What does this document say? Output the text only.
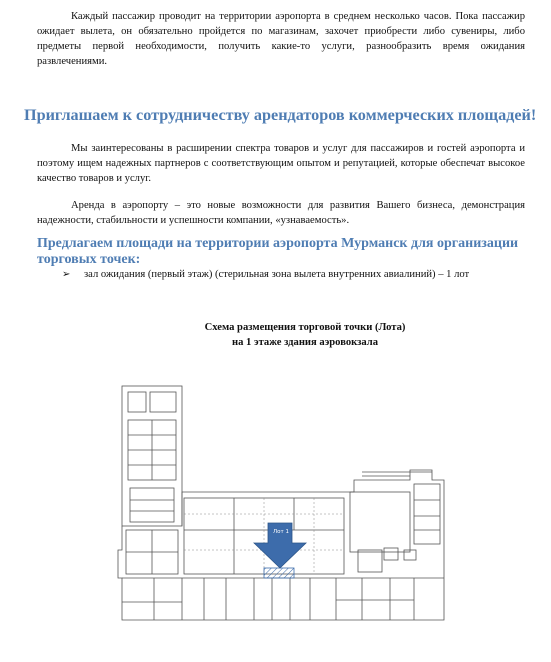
Каждый пассажир проводит на территории аэропорта в среднем несколько часов. Пока пассажир ожидает вылета, он обязательно пройдется по магазинам, захочет приобрести либо сувениры, либо предметы первой необходимости, получить какие-то услуги, разнообразить время ожидания развлечениями.
Приглашаем к сотрудничеству арендаторов коммерческих площадей!
Мы заинтересованы в расширении спектра товаров и услуг для пассажиров и гостей аэропорта и поэтому ищем надежных партнеров с соответствующим опытом и репутацией, которые обеспечат высокое качество товаров и услуг.
Аренда в аэропорту – это новые возможности для развития Вашего бизнеса, демонстрация надежности, стабильности и успешности компании, «узнаваемость».
Предлагаем площади на территории аэропорта Мурманск для организации торговых точек:
➢ зал ожидания (первый этаж) (стерильная зона вылета внутренних авиалиний) – 1 лот
Схема размещения торговой точки (Лота)
на 1 этаже здания аэровокзала
Лот 1
